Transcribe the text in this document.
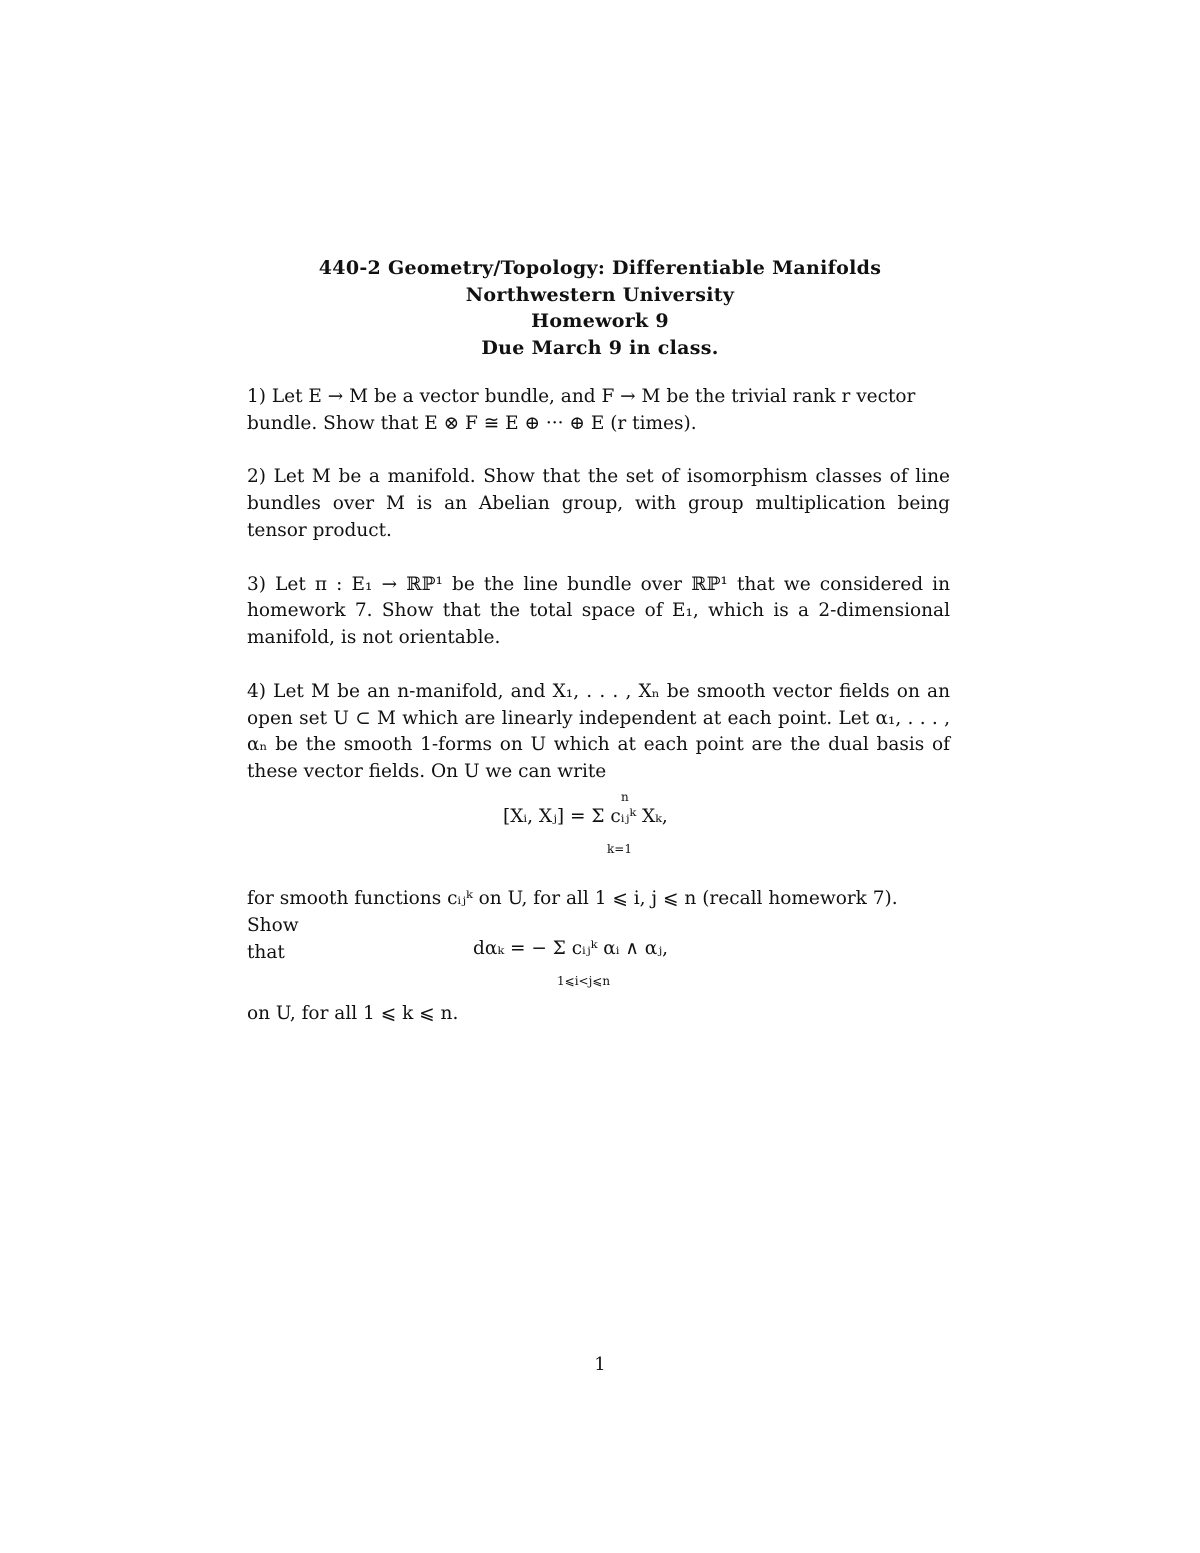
440-2 Geometry/Topology: Differentiable Manifolds
Northwestern University
Homework 9
Due March 9 in class.

1) Let E → M be a vector bundle, and F → M be the trivial rank r vector

bundle. Show that E ⊗ F ≅ E ⊕ ··· ⊕ E (r times).

2) Let M be a manifold. Show that the set of isomorphism classes of line bundles over M is an Abelian group, with group multiplication being tensor product.

3) Let π : E₁ → ℝℙ¹ be the line bundle over ℝℙ¹ that we considered in homework 7. Show that the total space of E₁, which is a 2-dimensional manifold, is not orientable.

4) Let M be an n-manifold, and X₁, . . . , Xₙ be smooth vector fields on an open set U ⊂ M which are linearly independent at each point. Let α₁, . . . , αₙ be the smooth 1-forms on U which at each point are the dual basis of these vector fields. On U we can write

[Xᵢ, Xⱼ] = Σ cᵢⱼᵏ Xₖ,
n
k=1

for smooth functions cᵢⱼᵏ on U, for all 1 ⩽ i, j ⩽ n (recall homework 7). Show

that	dαₖ = − Σ cᵢⱼᵏ αᵢ ∧ αⱼ,
1⩽i<j⩽n

on U, for all 1 ⩽ k ⩽ n.

1
